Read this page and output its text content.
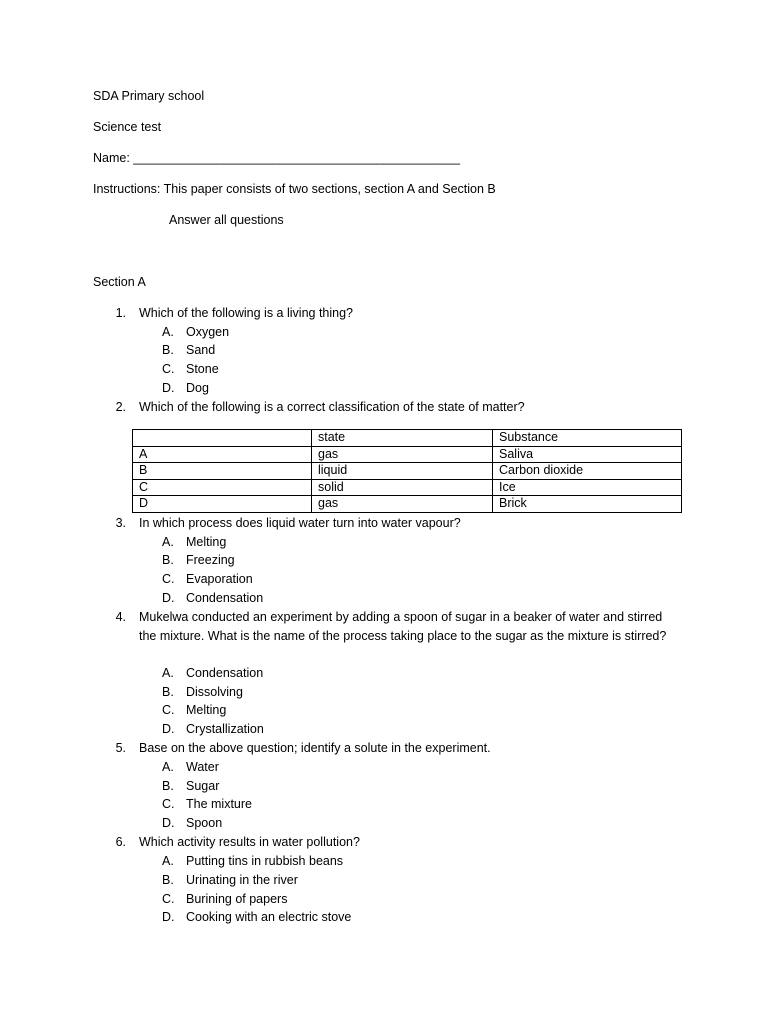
SDA Primary school
Science test
Name: _______________________________________________
Instructions: This paper consists of two sections, section A and Section B
Answer all questions
Section A
1. Which of the following is a living thing?
A. Oxygen
B. Sand
C. Stone
D. Dog
2. Which of the following is a correct classification of the state of matter?
	state	Substance
A	gas	Saliva
B	liquid	Carbon dioxide
C	solid	Ice
D	gas	Brick
3. In which process does liquid water turn into water vapour?
A. Melting
B. Freezing
C. Evaporation
D. Condensation
4. Mukelwa conducted an experiment by adding a spoon of sugar in a beaker of water and stirred the mixture. What is the name of the process taking place to the sugar as the mixture is stirred?
A. Condensation
B. Dissolving
C. Melting
D. Crystallization
5. Base on the above question; identify a solute in the experiment.
A. Water
B. Sugar
C. The mixture
D. Spoon
6. Which activity results in water pollution?
A. Putting tins in rubbish beans
B. Urinating in the river
C. Burining of papers
D. Cooking with an electric stove
